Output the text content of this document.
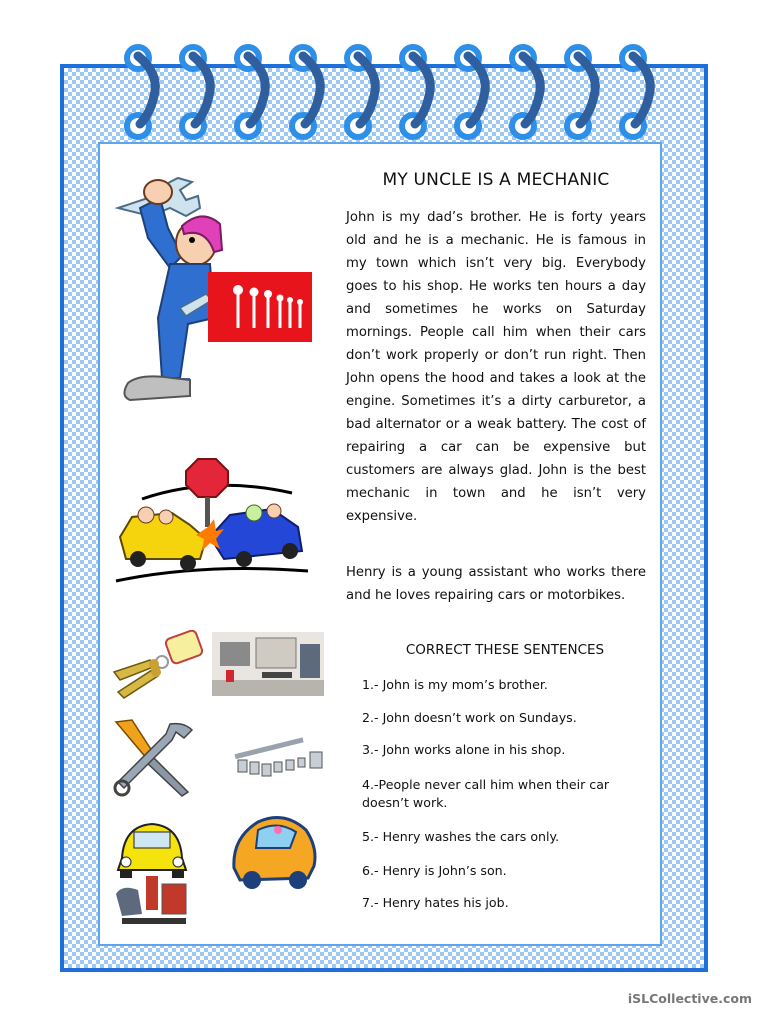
MY UNCLE IS A MECHANIC

John is my dad’s brother. He is forty years old and he is a mechanic. He is famous in my town which isn’t very big. Everybody goes to his shop. He works ten hours a day and sometimes he works on Saturday mornings. People call him when their cars don’t work properly or don’t run right. Then John opens the hood and takes a look at the engine. Sometimes it’s a dirty carburetor, a bad alternator or a weak battery. The cost of repairing a car can be expensive but customers are always glad. John is the best mechanic in town and he isn’t very expensive.

Henry is a young assistant who works there and he loves repairing cars or motorbikes.

CORRECT THESE SENTENCES
1.- John is my mom’s brother.
2.- John doesn’t work on Sundays.
3.- John works alone in his shop.
4.-People never call him when their car doesn’t work.
5.- Henry washes the cars only.
6.- Henry is John’s son.
7.- Henry hates his job.
iSLCollective.com
